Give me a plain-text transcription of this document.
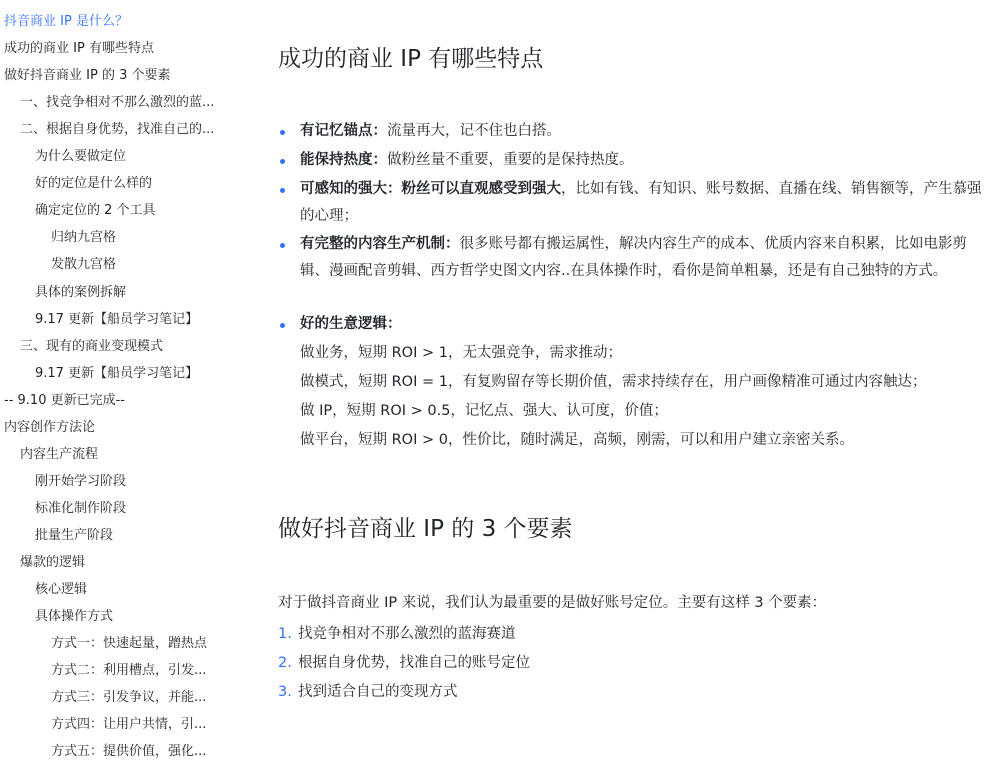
抖音商业 IP 是什么？
成功的商业 IP 有哪些特点
做好抖音商业 IP 的 3 个要素
一、找竞争相对不那么激烈的蓝...
二、根据自身优势，找准自己的...
为什么要做定位
好的定位是什么样的
确定定位的 2 个工具
归纳九宫格
发散九宫格
具体的案例拆解
9.17 更新【船员学习笔记】
三、现有的商业变现模式
9.17 更新【船员学习笔记】
-- 9.10 更新已完成--
内容创作方法论
内容生产流程
刚开始学习阶段
标准化制作阶段
批量生产阶段
爆款的逻辑
核心逻辑
具体操作方式
方式一：快速起量，蹭热点
方式二：利用槽点，引发...
方式三：引发争议，并能...
方式四：让用户共情，引...
方式五：提供价值，强化...
成功的商业 IP 有哪些特点
有记忆锚点：流量再大，记不住也白搭。
能保持热度：做粉丝量不重要，重要的是保持热度。
可感知的强大：粉丝可以直观感受到强大，比如有钱、有知识、账号数据、直播在线、销售额等，产生慕强的心理；
有完整的内容生产机制：很多账号都有搬运属性，解决内容生产的成本、优质内容来自积累，比如电影剪辑、漫画配音剪辑、西方哲学史图文内容..在具体操作时，看你是简单粗暴，还是有自己独特的方式。
好的生意逻辑：
做业务，短期 ROI > 1，无太强竞争，需求推动；
做模式，短期 ROI = 1，有复购留存等长期价值，需求持续存在，用户画像精准可通过内容触达；
做 IP，短期 ROI > 0.5，记忆点、强大、认可度，价值；
做平台，短期 ROI > 0，性价比，随时满足，高频，刚需，可以和用户建立亲密关系。
做好抖音商业 IP 的 3 个要素
对于做抖音商业 IP 来说，我们认为最重要的是做好账号定位。主要有这样 3 个要素：
1. 找竞争相对不那么激烈的蓝海赛道
2. 根据自身优势，找准自己的账号定位
3. 找到适合自己的变现方式
